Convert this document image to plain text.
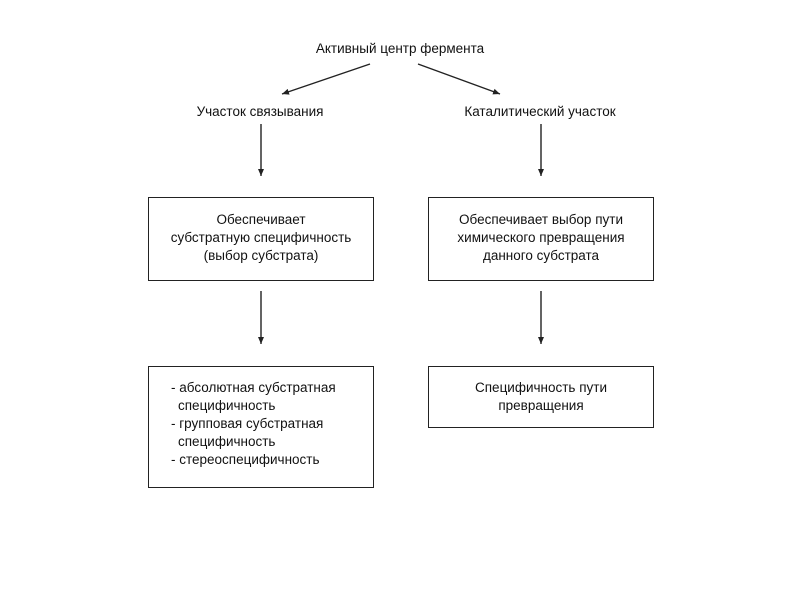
Активный центр фермента
Участок связывания	Каталитический участок
Обеспечивает
субстратную специфичность
(выбор субстрата)
Обеспечивает выбор пути
химического превращения
данного субстрата
- абсолютная субстратная
специфичность
- групповая субстратная
специфичность
- стереоспецифичность
Специфичность пути
превращения
